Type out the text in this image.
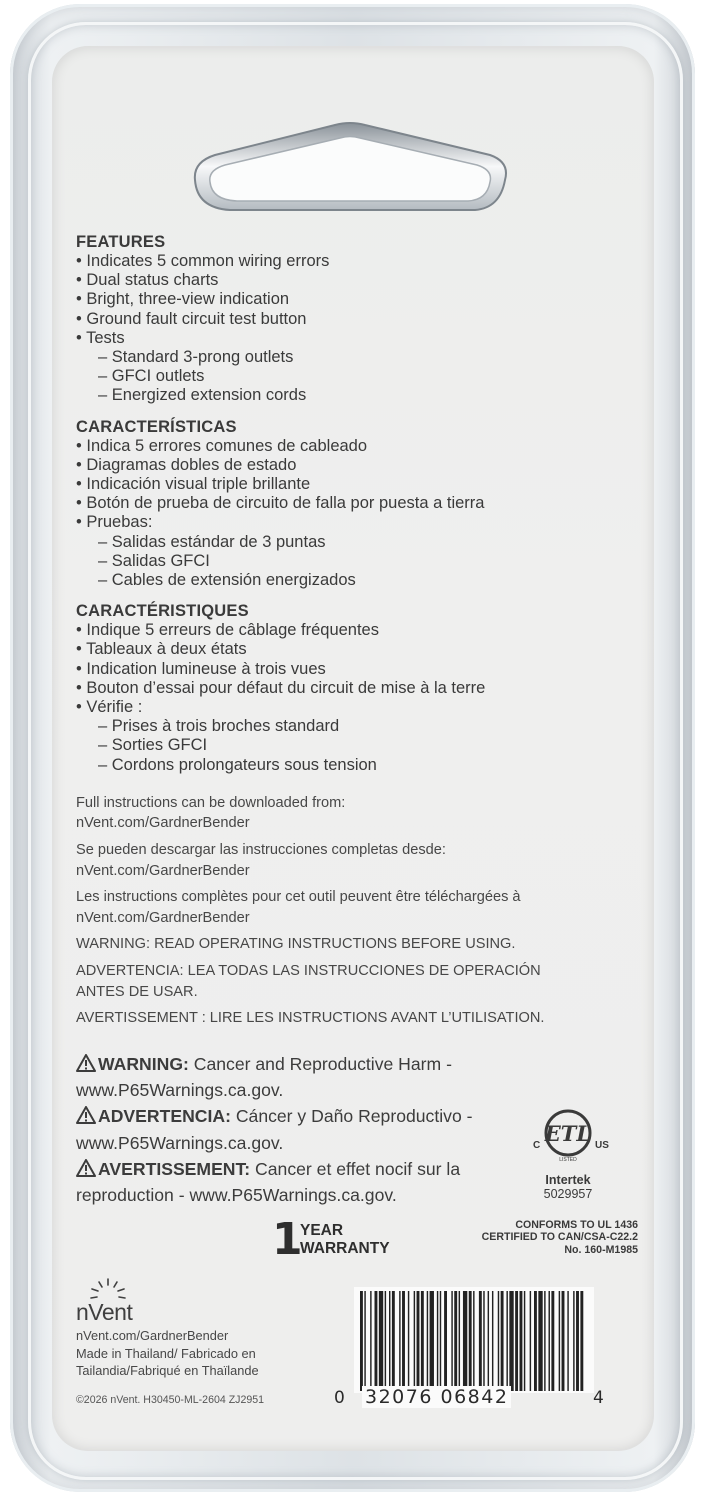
FEATURES

• Indicates 5 common wiring errors

• Dual status charts

• Bright, three-view indication

• Ground fault circuit test button

• Tests

– Standard 3-prong outlets

– GFCI outlets

– Energized extension cords

CARACTERÍSTICAS

• Indica 5 errores comunes de cableado

• Diagramas dobles de estado

• Indicación visual triple brillante

• Botón de prueba de circuito de falla por puesta a tierra

• Pruebas:

– Salidas estándar de 3 puntas

– Salidas GFCI

– Cables de extensión energizados

CARACTÉRISTIQUES

• Indique 5 erreurs de câblage fréquentes

• Tableaux à deux états

• Indication lumineuse à trois vues

• Bouton d’essai pour défaut du circuit de mise à la terre

• Vérifie :

– Prises à trois broches standard

– Sorties GFCI

– Cordons prolongateurs sous tension

Full instructions can be downloaded from:
nVent.com/GardnerBender
Se pueden descargar las instrucciones completas desde:
nVent.com/GardnerBender
Les instructions complètes pour cet outil peuvent être téléchargées à
nVent.com/GardnerBender
WARNING: READ OPERATING INSTRUCTIONS BEFORE USING.
ADVERTENCIA: LEA TODAS LAS INSTRUCCIONES DE OPERACIÓN
ANTES DE USAR.
AVERTISSEMENT : LIRE LES INSTRUCTIONS AVANT L’UTILISATION.
WARNING: Cancer and Reproductive Harm -
www.P65Warnings.ca.gov.
ADVERTENCIA: Cáncer y Daño Reproductivo -
www.P65Warnings.ca.gov.
AVERTISSEMENT: Cancer et effet nocif sur la
reproduction - www.P65Warnings.ca.gov.
ETL
C	US
LISTED
Intertek
5029957
1
YEAR
WARRANTY
CONFORMS TO UL 1436
CERTIFIED TO CAN/CSA-C22.2
No. 160-M1985
nVent
nVent.com/GardnerBender
Made in Thailand/ Fabricado en
Tailandia/Fabriqué en Thaïlande
©2026 nVent. H30450-ML-2604 ZJ2951	0 32076 06842	4
